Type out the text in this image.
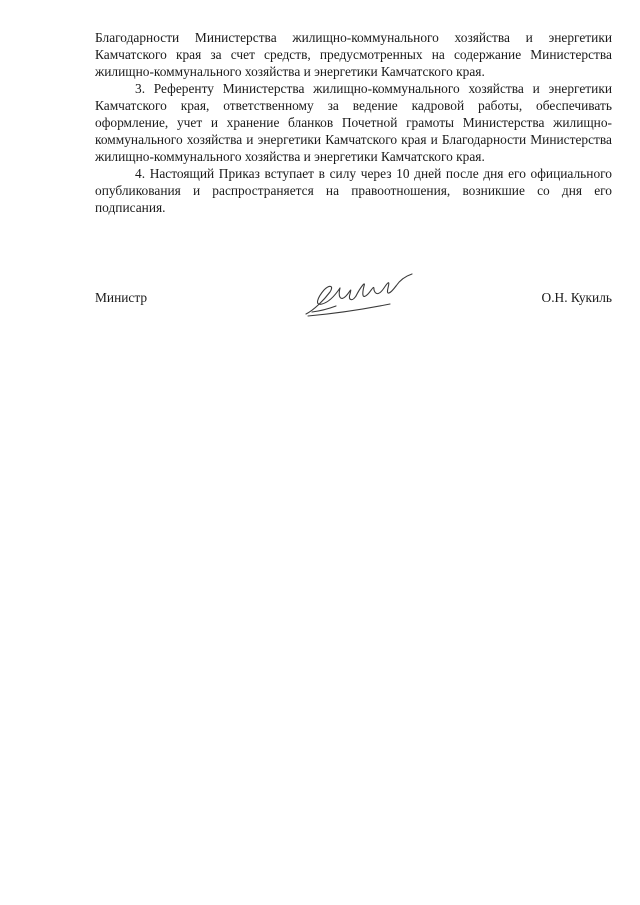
Благодарности Министерства жилищно-коммунального хозяйства и энергетики Камчатского края за счет средств, предусмотренных на содержание Министерства жилищно-коммунального хозяйства и энергетики Камчатского края.

3. Референту Министерства жилищно-коммунального хозяйства и энергетики Камчатского края, ответственному за ведение кадровой работы, обеспечивать оформление, учет и хранение бланков Почетной грамоты Министерства жилищно-коммунального хозяйства и энергетики Камчатского края и Благодарности Министерства жилищно-коммунального хозяйства и энергетики Камчатского края.

4. Настоящий Приказ вступает в силу через 10 дней после дня его официального опубликования и распространяется на правоотношения, возникшие со дня его подписания.

Министр	О.Н. Кукиль
